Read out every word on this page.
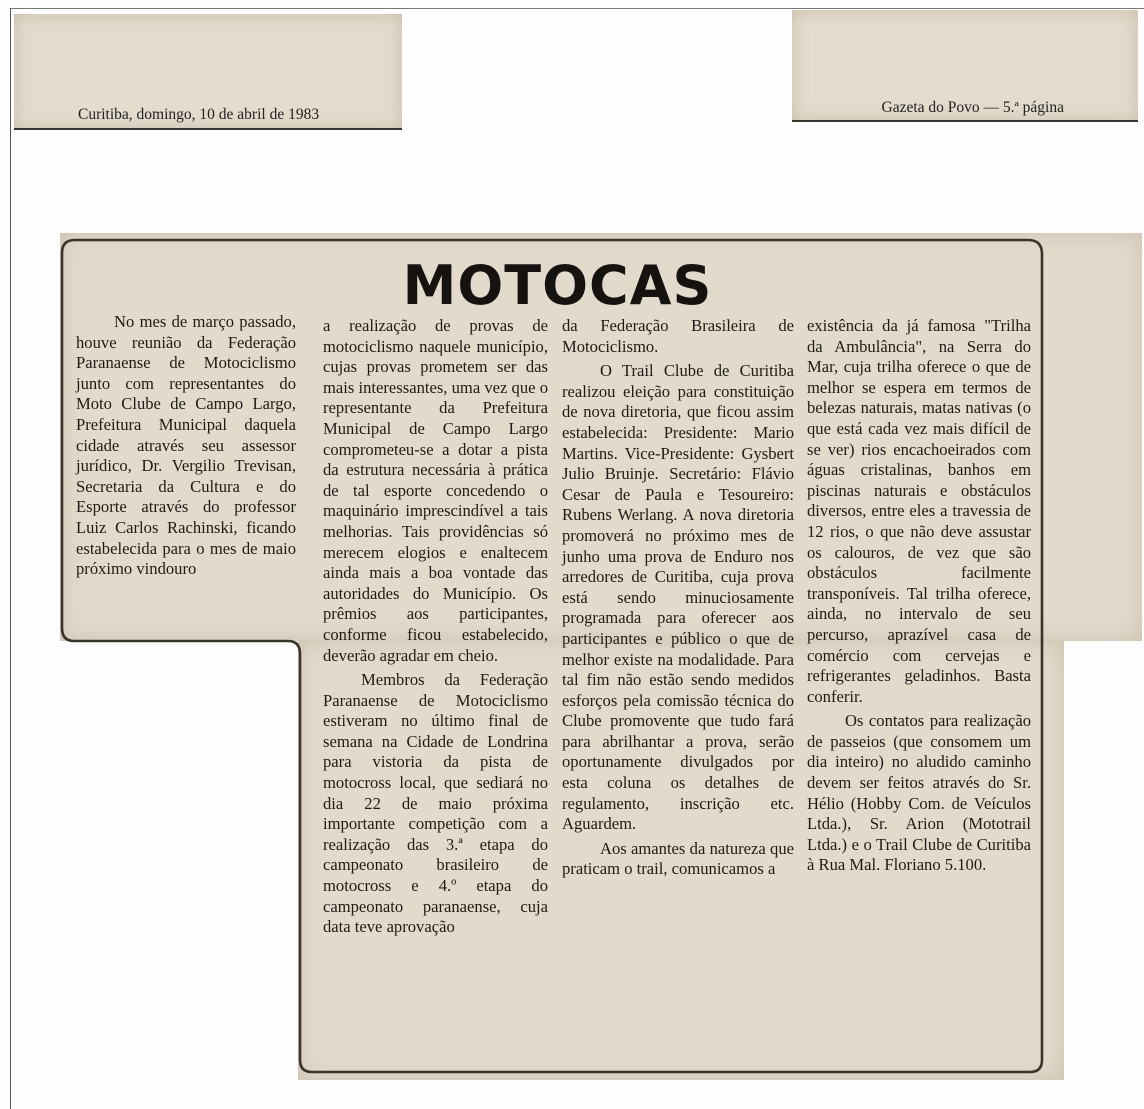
Curitiba, domingo, 10 de abril de 1983	Gazeta do Povo — 5.ª página
MOTOCAS

No mes de março passado, houve reunião da Federação Paranaense de Motociclismo junto com representantes do Moto Clube de Campo Largo, Prefeitura Municipal daquela cidade através seu assessor jurídico, Dr. Vergilio Trevisan, Secretaria da Cultura e do Esporte através do professor Luiz Carlos Rachinski, ficando estabelecida para o mes de maio próximo vindouro

a realização de provas de motociclismo naquele município, cujas provas prometem ser das mais interessantes, uma vez que o representante da Prefeitura Municipal de Campo Largo comprometeu-se a dotar a pista da estrutura necessária à prática de tal esporte concedendo o maquinário imprescindível a tais melhorias. Tais providências só merecem elogios e enaltecem ainda mais a boa vontade das autoridades do Município. Os prêmios aos participantes, conforme ficou estabelecido, deverão agradar em cheio.

Membros da Federação Paranaense de Motociclismo estiveram no último final de semana na Cidade de Londrina para vistoria da pista de motocross local, que sediará no dia 22 de maio próxima importante competição com a realização das 3.ª etapa do campeonato brasileiro de motocross e 4.º etapa do campeonato paranaense, cuja data teve aprovação

da Federação Brasileira de Motociclismo.

O Trail Clube de Curitiba realizou eleição para constituição de nova diretoria, que ficou assim estabelecida: Presidente: Mario Martins. Vice-Presidente: Gysbert Julio Bruinje. Secretário: Flávio Cesar de Paula e Tesoureiro: Rubens Werlang. A nova diretoria promoverá no próximo mes de junho uma prova de Enduro nos arredores de Curitiba, cuja prova está sendo minuciosamente programada para oferecer aos participantes e público o que de melhor existe na modalidade. Para tal fim não estão sendo medidos esforços pela comissão técnica do Clube promovente que tudo fará para abrilhantar a prova, serão oportunamente divulgados por esta coluna os detalhes de regulamento, inscrição etc. Aguardem.

Aos amantes da natureza que praticam o trail, comunicamos a

existência da já famosa "Trilha da Ambulância", na Serra do Mar, cuja trilha oferece o que de melhor se espera em termos de belezas naturais, matas nativas (o que está cada vez mais difícil de se ver) rios encachoeirados com águas cristalinas, banhos em piscinas naturais e obstáculos diversos, entre eles a travessia de 12 rios, o que não deve assustar os calouros, de vez que são obstáculos facilmente transponíveis. Tal trilha oferece, ainda, no intervalo de seu percurso, aprazível casa de comércio com cervejas e refrigerantes geladinhos. Basta conferir.

Os contatos para realização de passeios (que consomem um dia inteiro) no aludido caminho devem ser feitos através do Sr. Hélio (Hobby Com. de Veículos Ltda.), Sr. Arion (Mototrail Ltda.) e o Trail Clube de Curitiba à Rua Mal. Floriano 5.100.
